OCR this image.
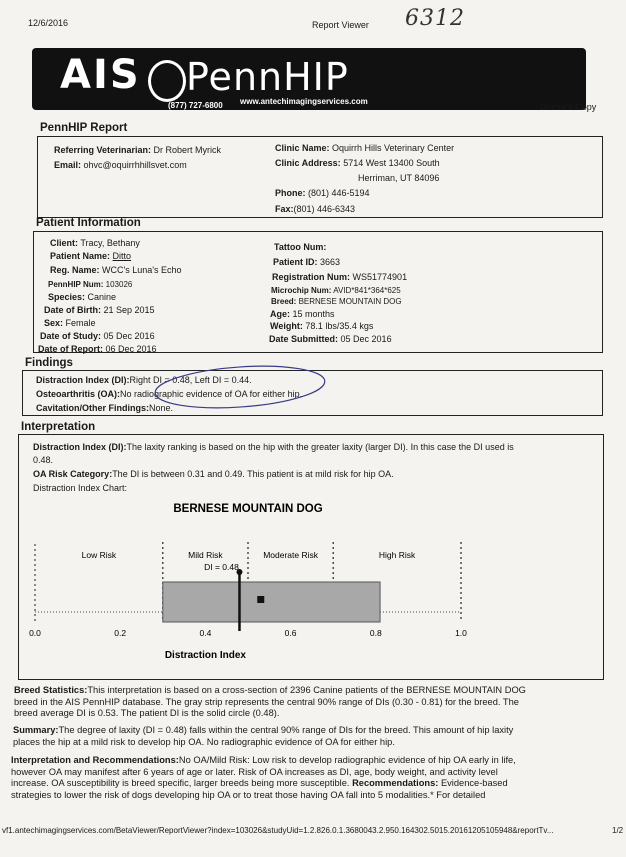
12/6/2016	Report Viewer 6312
AIS PennHIP
(877) 727-6800 www.antechimagingservices.com
Doctor's Copy
PennHIP Report
Referring Veterinarian: Dr Robert Myrick
Email: ohvc@oquirrhhillsvet.com
Clinic Name: Oquirrh Hills Veterinary Center
Clinic Address: 5714 West 13400 South
Herriman, UT 84096
Phone: (801) 446-5194
Fax:(801) 446-6343
Patient Information
Client: Tracy, Bethany
Patient Name: Ditto
Reg. Name: WCC's Luna's Echo
PennHIP Num: 103026
Species: Canine
Date of Birth: 21 Sep 2015
Sex: Female
Date of Study: 05 Dec 2016
Date of Report: 06 Dec 2016
Tattoo Num:
Patient ID: 3663
Registration Num: WS51774901
Microchip Num: AVID*841*364*625
Breed: BERNESE MOUNTAIN DOG
Age: 15 months
Weight: 78.1 lbs/35.4 kgs
Date Submitted: 05 Dec 2016
Findings
Distraction Index (DI):Right DI = 0.48, Left DI = 0.44.
Osteoarthritis (OA):No radiographic evidence of OA for either hip.
Cavitation/Other Findings:None.
Interpretation
Distraction Index (DI):The laxity ranking is based on the hip with the greater laxity (larger DI). In this case the DI used is
0.48.
OA Risk Category:The DI is between 0.31 and 0.49. This patient is at mild risk for hip OA.
Distraction Index Chart:
BERNESE MOUNTAIN DOG
Low Risk	Mild Risk	Moderate Risk	High Risk
DI = 0.48
0.0	0.2	0.4	0.6	0.8	1.0
Distraction Index
Breed Statistics:This interpretation is based on a cross-section of 2396 Canine patients of the BERNESE MOUNTAIN DOG
breed in the AIS PennHIP database. The gray strip represents the central 90% range of DIs (0.30 - 0.81) for the breed. The
breed average DI is 0.53. The patient DI is the solid circle (0.48).
Summary:The degree of laxity (DI = 0.48) falls within the central 90% range of DIs for the breed. This amount of hip laxity
places the hip at a mild risk to develop hip OA. No radiographic evidence of OA for either hip.
Interpretation and Recommendations:No OA/Mild Risk: Low risk to develop radiographic evidence of hip OA early in life,
however OA may manifest after 6 years of age or later. Risk of OA increases as DI, age, body weight, and activity level
increase. OA susceptibility is breed specific, larger breeds being more susceptible. Recommendations: Evidence-based
strategies to lower the risk of dogs developing hip OA or to treat those having OA fall into 5 modalities.* For detailed
vf1.antechimagingservices.com/BetaViewer/ReportViewer?index=103026&studyUid=1.2.826.0.1.3680043.2.950.164302.5015.20161205105948&reportTv...	1/2
